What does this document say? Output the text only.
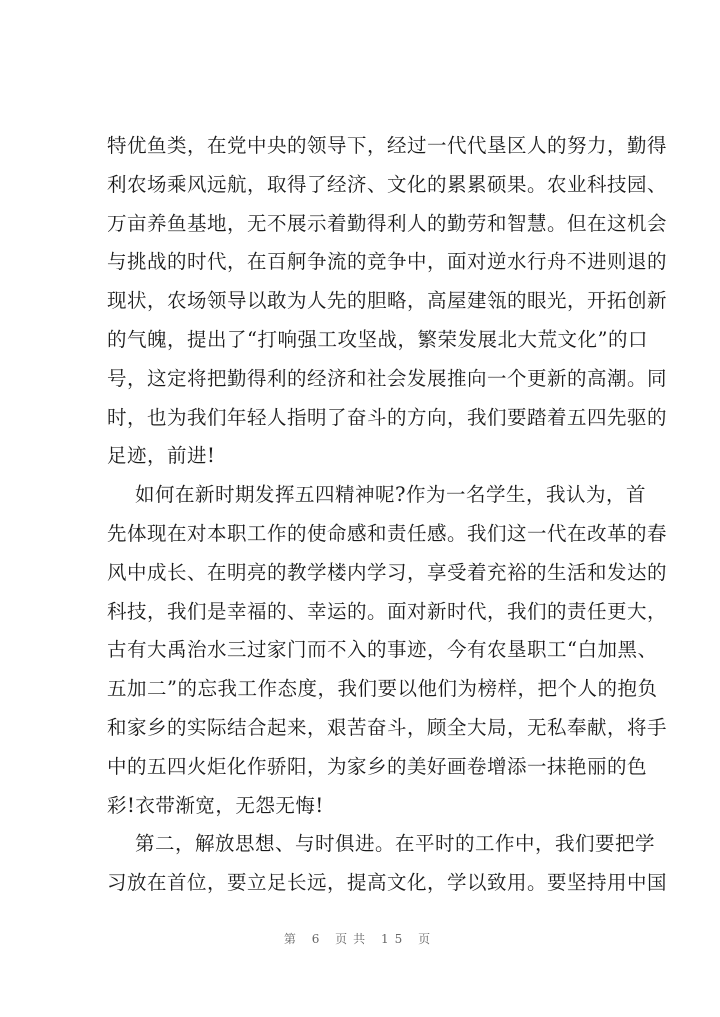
特优鱼类，在党中央的领导下，经过一代代垦区人的努力，勤得
利农场乘风远航，取得了经济、文化的累累硕果。农业科技园、
万亩养鱼基地，无不展示着勤得利人的勤劳和智慧。但在这机会
与挑战的时代，在百舸争流的竞争中，面对逆水行舟不进则退的
现状，农场领导以敢为人先的胆略，高屋建瓴的眼光，开拓创新
的气魄，提出了“打响强工攻坚战，繁荣发展北大荒文化”的口
号，这定将把勤得利的经济和社会发展推向一个更新的高潮。同
时，也为我们年轻人指明了奋斗的方向，我们要踏着五四先驱的
足迹，前进!
如何在新时期发挥五四精神呢?作为一名学生，我认为，首
先体现在对本职工作的使命感和责任感。我们这一代在改革的春
风中成长、在明亮的教学楼内学习，享受着充裕的生活和发达的
科技，我们是幸福的、幸运的。面对新时代，我们的责任更大，
古有大禹治水三过家门而不入的事迹，今有农垦职工“白加黑、
五加二”的忘我工作态度，我们要以他们为榜样，把个人的抱负
和家乡的实际结合起来，艰苦奋斗，顾全大局，无私奉献，将手
中的五四火炬化作骄阳，为家乡的美好画卷增添一抹艳丽的色
彩!衣带渐宽，无怨无悔!
第二，解放思想、与时俱进。在平时的工作中，我们要把学
习放在首位，要立足长远，提高文化，学以致用。要坚持用中国
第 6 页共 15 页
